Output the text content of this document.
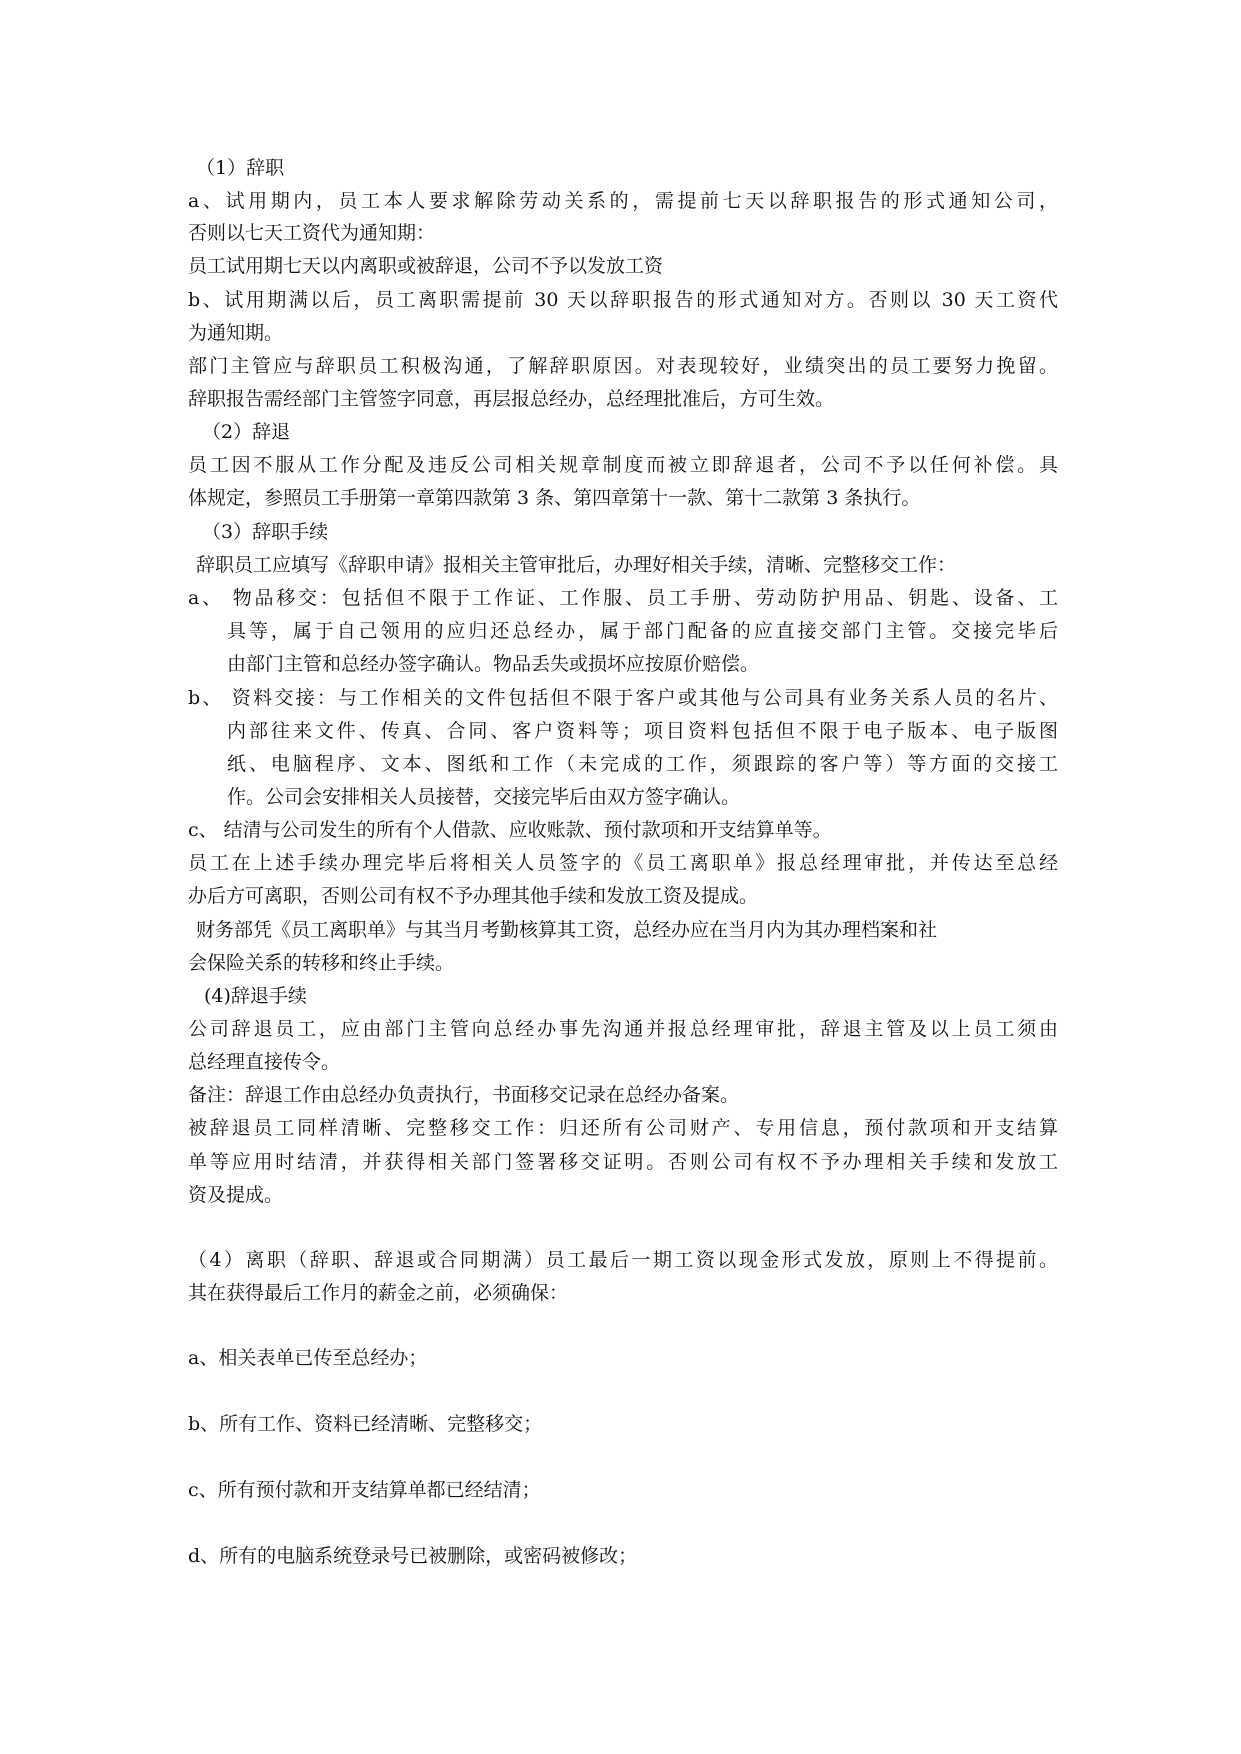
（1）辞职
a、试用期内，员工本人要求解除劳动关系的，需提前七天以辞职报告的形式通知公司，
否则以七天工资代为通知期：
员工试用期七天以内离职或被辞退，公司不予以发放工资
b、试用期满以后，员工离职需提前 30 天以辞职报告的形式通知对方。否则以 30 天工资代
为通知期。
部门主管应与辞职员工积极沟通，了解辞职原因。对表现较好，业绩突出的员工要努力挽留。
辞职报告需经部门主管签字同意，再层报总经办，总经理批准后，方可生效。
（2）辞退
员工因不服从工作分配及违反公司相关规章制度而被立即辞退者，公司不予以任何补偿。具
体规定，参照员工手册第一章第四款第 3 条、第四章第十一款、第十二款第 3 条执行。
（3）辞职手续
辞职员工应填写《辞职申请》报相关主管审批后，办理好相关手续，清晰、完整移交工作：
a、 物品移交：包括但不限于工作证、工作服、员工手册、劳动防护用品、钥匙、设备、工
具等，属于自己领用的应归还总经办，属于部门配备的应直接交部门主管。交接完毕后
由部门主管和总经办签字确认。物品丢失或损坏应按原价赔偿。
b、 资料交接：与工作相关的文件包括但不限于客户或其他与公司具有业务关系人员的名片、
内部往来文件、传真、合同、客户资料等；项目资料包括但不限于电子版本、电子版图
纸、电脑程序、文本、图纸和工作（未完成的工作，须跟踪的客户等）等方面的交接工
作。公司会安排相关人员接替，交接完毕后由双方签字确认。
c、 结清与公司发生的所有个人借款、应收账款、预付款项和开支结算单等。
员工在上述手续办理完毕后将相关人员签字的《员工离职单》报总经理审批，并传达至总经
办后方可离职，否则公司有权不予办理其他手续和发放工资及提成。
财务部凭《员工离职单》与其当月考勤核算其工资，总经办应在当月内为其办理档案和社
会保险关系的转移和终止手续。
(4)辞退手续
公司辞退员工，应由部门主管向总经办事先沟通并报总经理审批，辞退主管及以上员工须由
总经理直接传令。
备注：辞退工作由总经办负责执行，书面移交记录在总经办备案。
被辞退员工同样清晰、完整移交工作：归还所有公司财产、专用信息，预付款项和开支结算
单等应用时结清，并获得相关部门签署移交证明。否则公司有权不予办理相关手续和发放工
资及提成。
（4）离职（辞职、辞退或合同期满）员工最后一期工资以现金形式发放，原则上不得提前。
其在获得最后工作月的薪金之前，必须确保：
a、相关表单已传至总经办；
b、所有工作、资料已经清晰、完整移交；
c、所有预付款和开支结算单都已经结清；
d、所有的电脑系统登录号已被删除，或密码被修改；
